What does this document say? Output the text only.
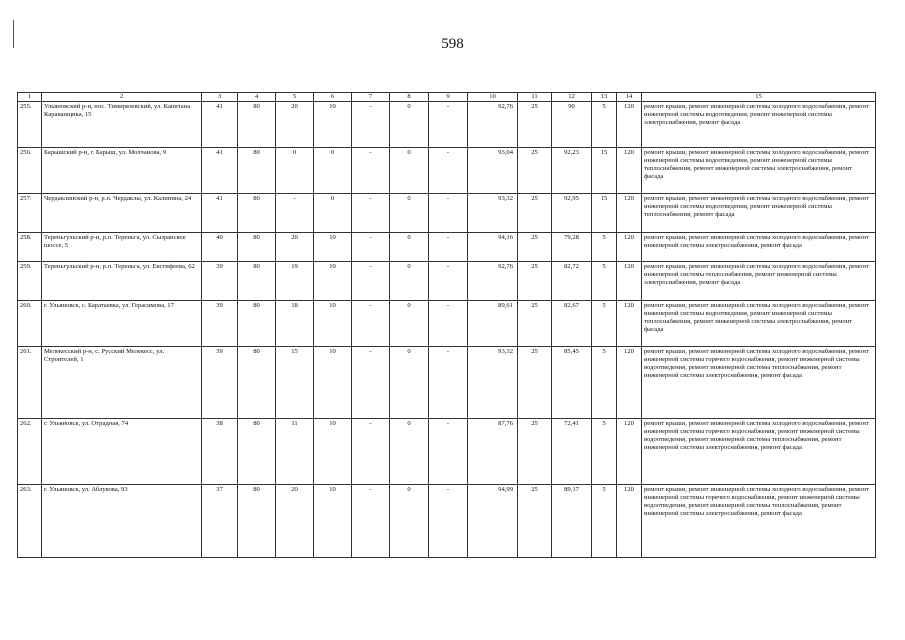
598
1	2	3	4	5	6	7	8	9	10	11	12	13	14	15
255.	Ульяновский р-н, пос. Тимирязевский, ул. Капитана Караванщика, 15	41	80	20	10	-	0	-	92,76	25	90	5	120	ремонт крыши, ремонт инженерной системы холодного водоснабжения, ремонт инженерной системы водоотведения, ремонт инженерной системы электроснабжения, ремонт фасада
256.	Барышский р-н, г. Барыш, ул. Молчанова, 9	41	80	0	0	-	0	-	93,04	25	92,23	15	120	ремонт крыши, ремонт инженерной системы холодного водоснабжения, ремонт инженерной системы водоотведения, ремонт инженерной системы теплоснабжения, ремонт инженерной системы электроснабжения, ремонт фасада
257.	Чердаклинский р-н, р.п. Чердаклы, ул. Калинина, 24	41	80	-	0	-	0	-	93,32	25	92,95	15	120	ремонт крыши, ремонт инженерной системы холодного водоснабжения, ремонт инженерной системы водоотведения, ремонт инженерной системы теплоснабжения, ремонт фасада
258.	Тереньгульский р-н, р.п. Тереньга, ул. Сызранское шоссе, 5	40	80	20	10	-	0	-	94,16	25	79,28	5	120	ремонт крыши, ремонт инженерной системы холодного водоснабжения, ремонт инженерной системы электроснабжения, ремонт фасада
259.	Тереньгульский р-н, р.п. Тереньга, ул. Евстифеева, 62	39	80	19	10	-	0	-	92,76	25	82,72	5	120	ремонт крыши, ремонт инженерной системы холодного водоснабжения, ремонт инженерной системы теплоснабжения, ремонт инженерной системы электроснабжения, ремонт фасада
260.	г. Ульяновск, с. Баратаевка, ул. Герасимова, 17	39	80	18	10	-	0	-	89,61	25	82,67	5	120	ремонт крыши, ремонт инженерной системы холодного водоснабжения, ремонт инженерной системы водоотведения, ремонт инженерной системы теплоснабжения, ремонт инженерной системы электроснабжения, ремонт фасада
261.	Мелекесский р-н, с. Русский Мелекесс, ул. Строителей, 1	39	80	15	10	-	0	-	93,32	25	85,45	5	120	ремонт крыши, ремонт инженерной системы холодного водоснабжения, ремонт инженерной системы горячего водоснабжения, ремонт инженерной системы водоотведения, ремонт инженерной системы теплоснабжения, ремонт инженерной системы электроснабжения, ремонт фасада
262.	г. Ульяновск, ул. Отрадная, 74	38	80	11	10	-	0	-	87,76	25	72,41	5	120	ремонт крыши, ремонт инженерной системы холодного водоснабжения, ремонт инженерной системы горячего водоснабжения, ремонт инженерной системы водоотведения, ремонт инженерной системы теплоснабжения, ремонт инженерной системы электроснабжения, ремонт фасада
263.	г. Ульяновск, ул. Аблукова, 93	37	80	20	10	-	0	-	94,99	25	89,17	5	120	ремонт крыши, ремонт инженерной системы холодного водоснабжения, ремонт инженерной системы горячего водоснабжения, ремонт инженерной системы водоотведения, ремонт инженерной системы теплоснабжения, ремонт инженерной системы электроснабжения, ремонт фасада
